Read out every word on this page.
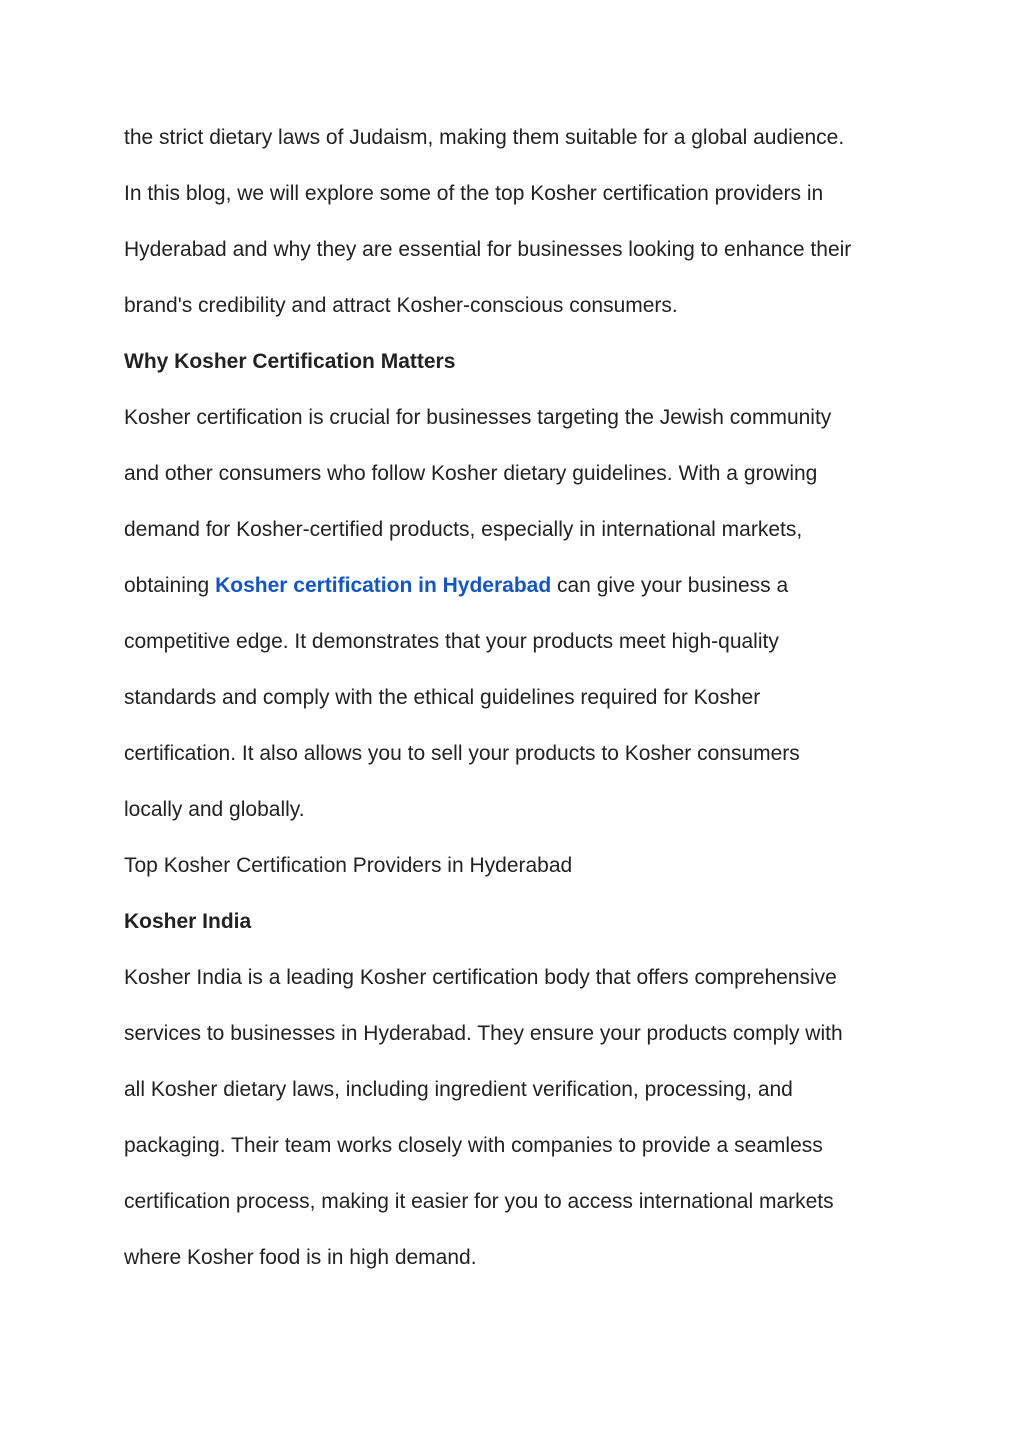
the strict dietary laws of Judaism, making them suitable for a global audience.
In this blog, we will explore some of the top Kosher certification providers in
Hyderabad and why they are essential for businesses looking to enhance their
brand's credibility and attract Kosher-conscious consumers.
Why Kosher Certification Matters
Kosher certification is crucial for businesses targeting the Jewish community
and other consumers who follow Kosher dietary guidelines. With a growing
demand for Kosher-certified products, especially in international markets,
obtaining Kosher certification in Hyderabad can give your business a
competitive edge. It demonstrates that your products meet high-quality
standards and comply with the ethical guidelines required for Kosher
certification. It also allows you to sell your products to Kosher consumers
locally and globally.
Top Kosher Certification Providers in Hyderabad
Kosher India
Kosher India is a leading Kosher certification body that offers comprehensive
services to businesses in Hyderabad. They ensure your products comply with
all Kosher dietary laws, including ingredient verification, processing, and
packaging. Their team works closely with companies to provide a seamless
certification process, making it easier for you to access international markets
where Kosher food is in high demand.
